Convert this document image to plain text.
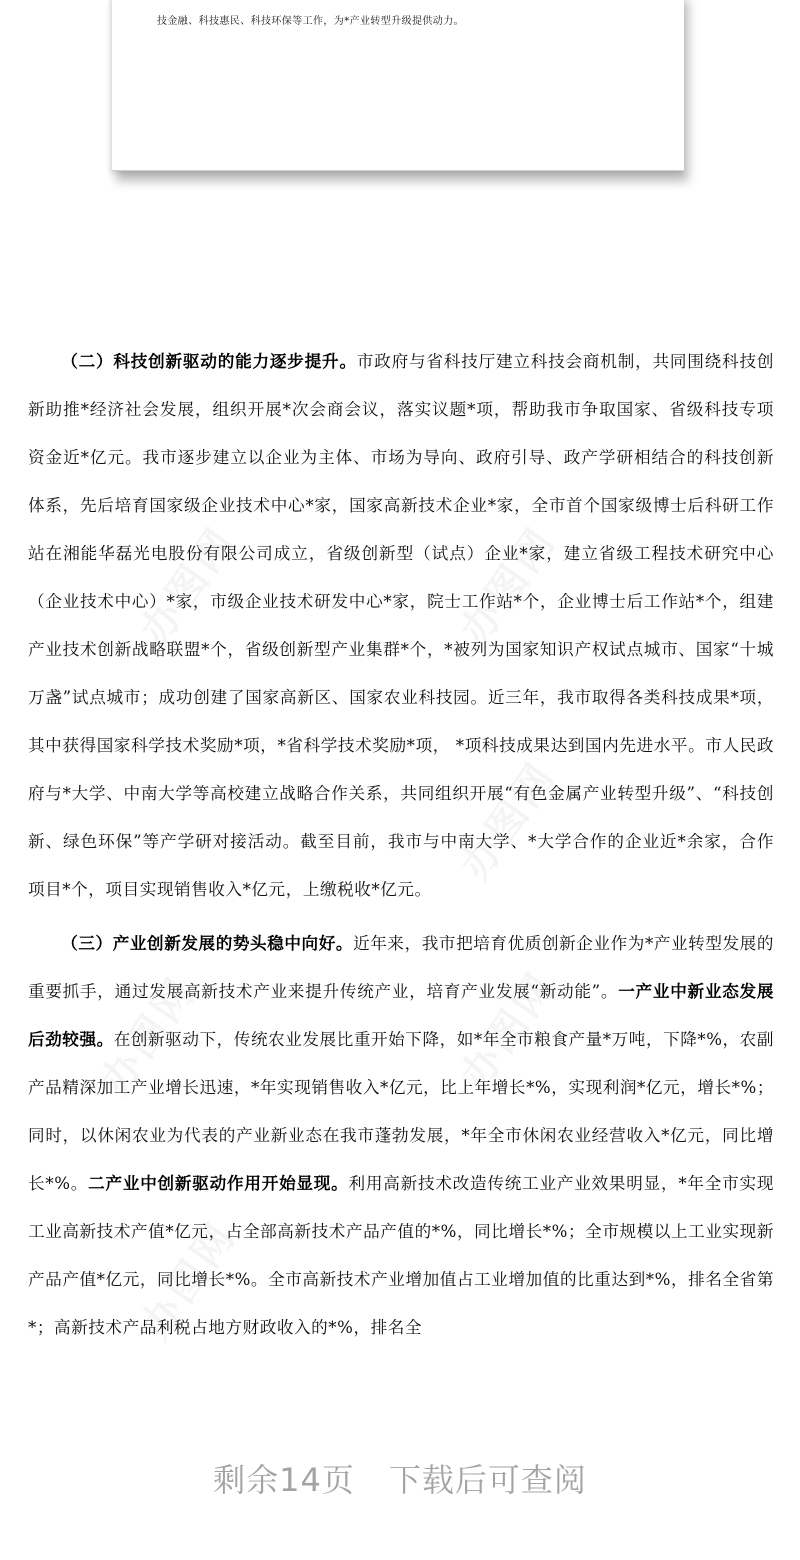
技金融、科技惠民、科技环保等工作，为*产业转型升级提供动力。

（二）科技创新驱动的能力逐步提升。市政府与省科技厅建立科技会商机制，共同围绕科技创新助推*经济社会发展，组织开展*次会商会议，落实议题*项，帮助我市争取国家、省级科技专项资金近*亿元。我市逐步建立以企业为主体、市场为导向、政府引导、政产学研相结合的科技创新体系，先后培育国家级企业技术中心*家，国家高新技术企业*家，全市首个国家级博士后科研工作站在湘能华磊光电股份有限公司成立，省级创新型（试点）企业*家，建立省级工程技术研究中心（企业技术中心）*家，市级企业技术研发中心*家，院士工作站*个，企业博士后工作站*个，组建产业技术创新战略联盟*个，省级创新型产业集群*个，*被列为国家知识产权试点城市、国家“十城万盏”试点城市；成功创建了国家高新区、国家农业科技园。近三年，我市取得各类科技成果*项，其中获得国家科学技术奖励*项，*省科学技术奖励*项， *项科技成果达到国内先进水平。市人民政府与*大学、中南大学等高校建立战略合作关系，共同组织开展“有色金属产业转型升级”、“科技创新、绿色环保”等产学研对接活动。截至目前，我市与中南大学、*大学合作的企业近*余家，合作项目*个，项目实现销售收入*亿元，上缴税收*亿元。

（三）产业创新发展的势头稳中向好。近年来，我市把培育优质创新企业作为*产业转型发展的重要抓手，通过发展高新技术产业来提升传统产业，培育产业发展“新动能”。一产业中新业态发展后劲较强。在创新驱动下，传统农业发展比重开始下降，如*年全市粮食产量*万吨，下降*%，农副产品精深加工产业增长迅速，*年实现销售收入*亿元，比上年增长*%，实现利润*亿元，增长*%；同时，以休闲农业为代表的产业新业态在我市蓬勃发展，*年全市休闲农业经营收入*亿元，同比增长*%。二产业中创新驱动作用开始显现。利用高新技术改造传统工业产业效果明显，*年全市实现工业高新技术产值*亿元，占全部高新技术产品产值的*%，同比增长*%；全市规模以上工业实现新产品产值*亿元，同比增长*%。全市高新技术产业增加值占工业增加值的比重达到*%，排名全省第*；高新技术产品利税占地方财政收入的*%，排名全

剩余14页 下载后可查阅
